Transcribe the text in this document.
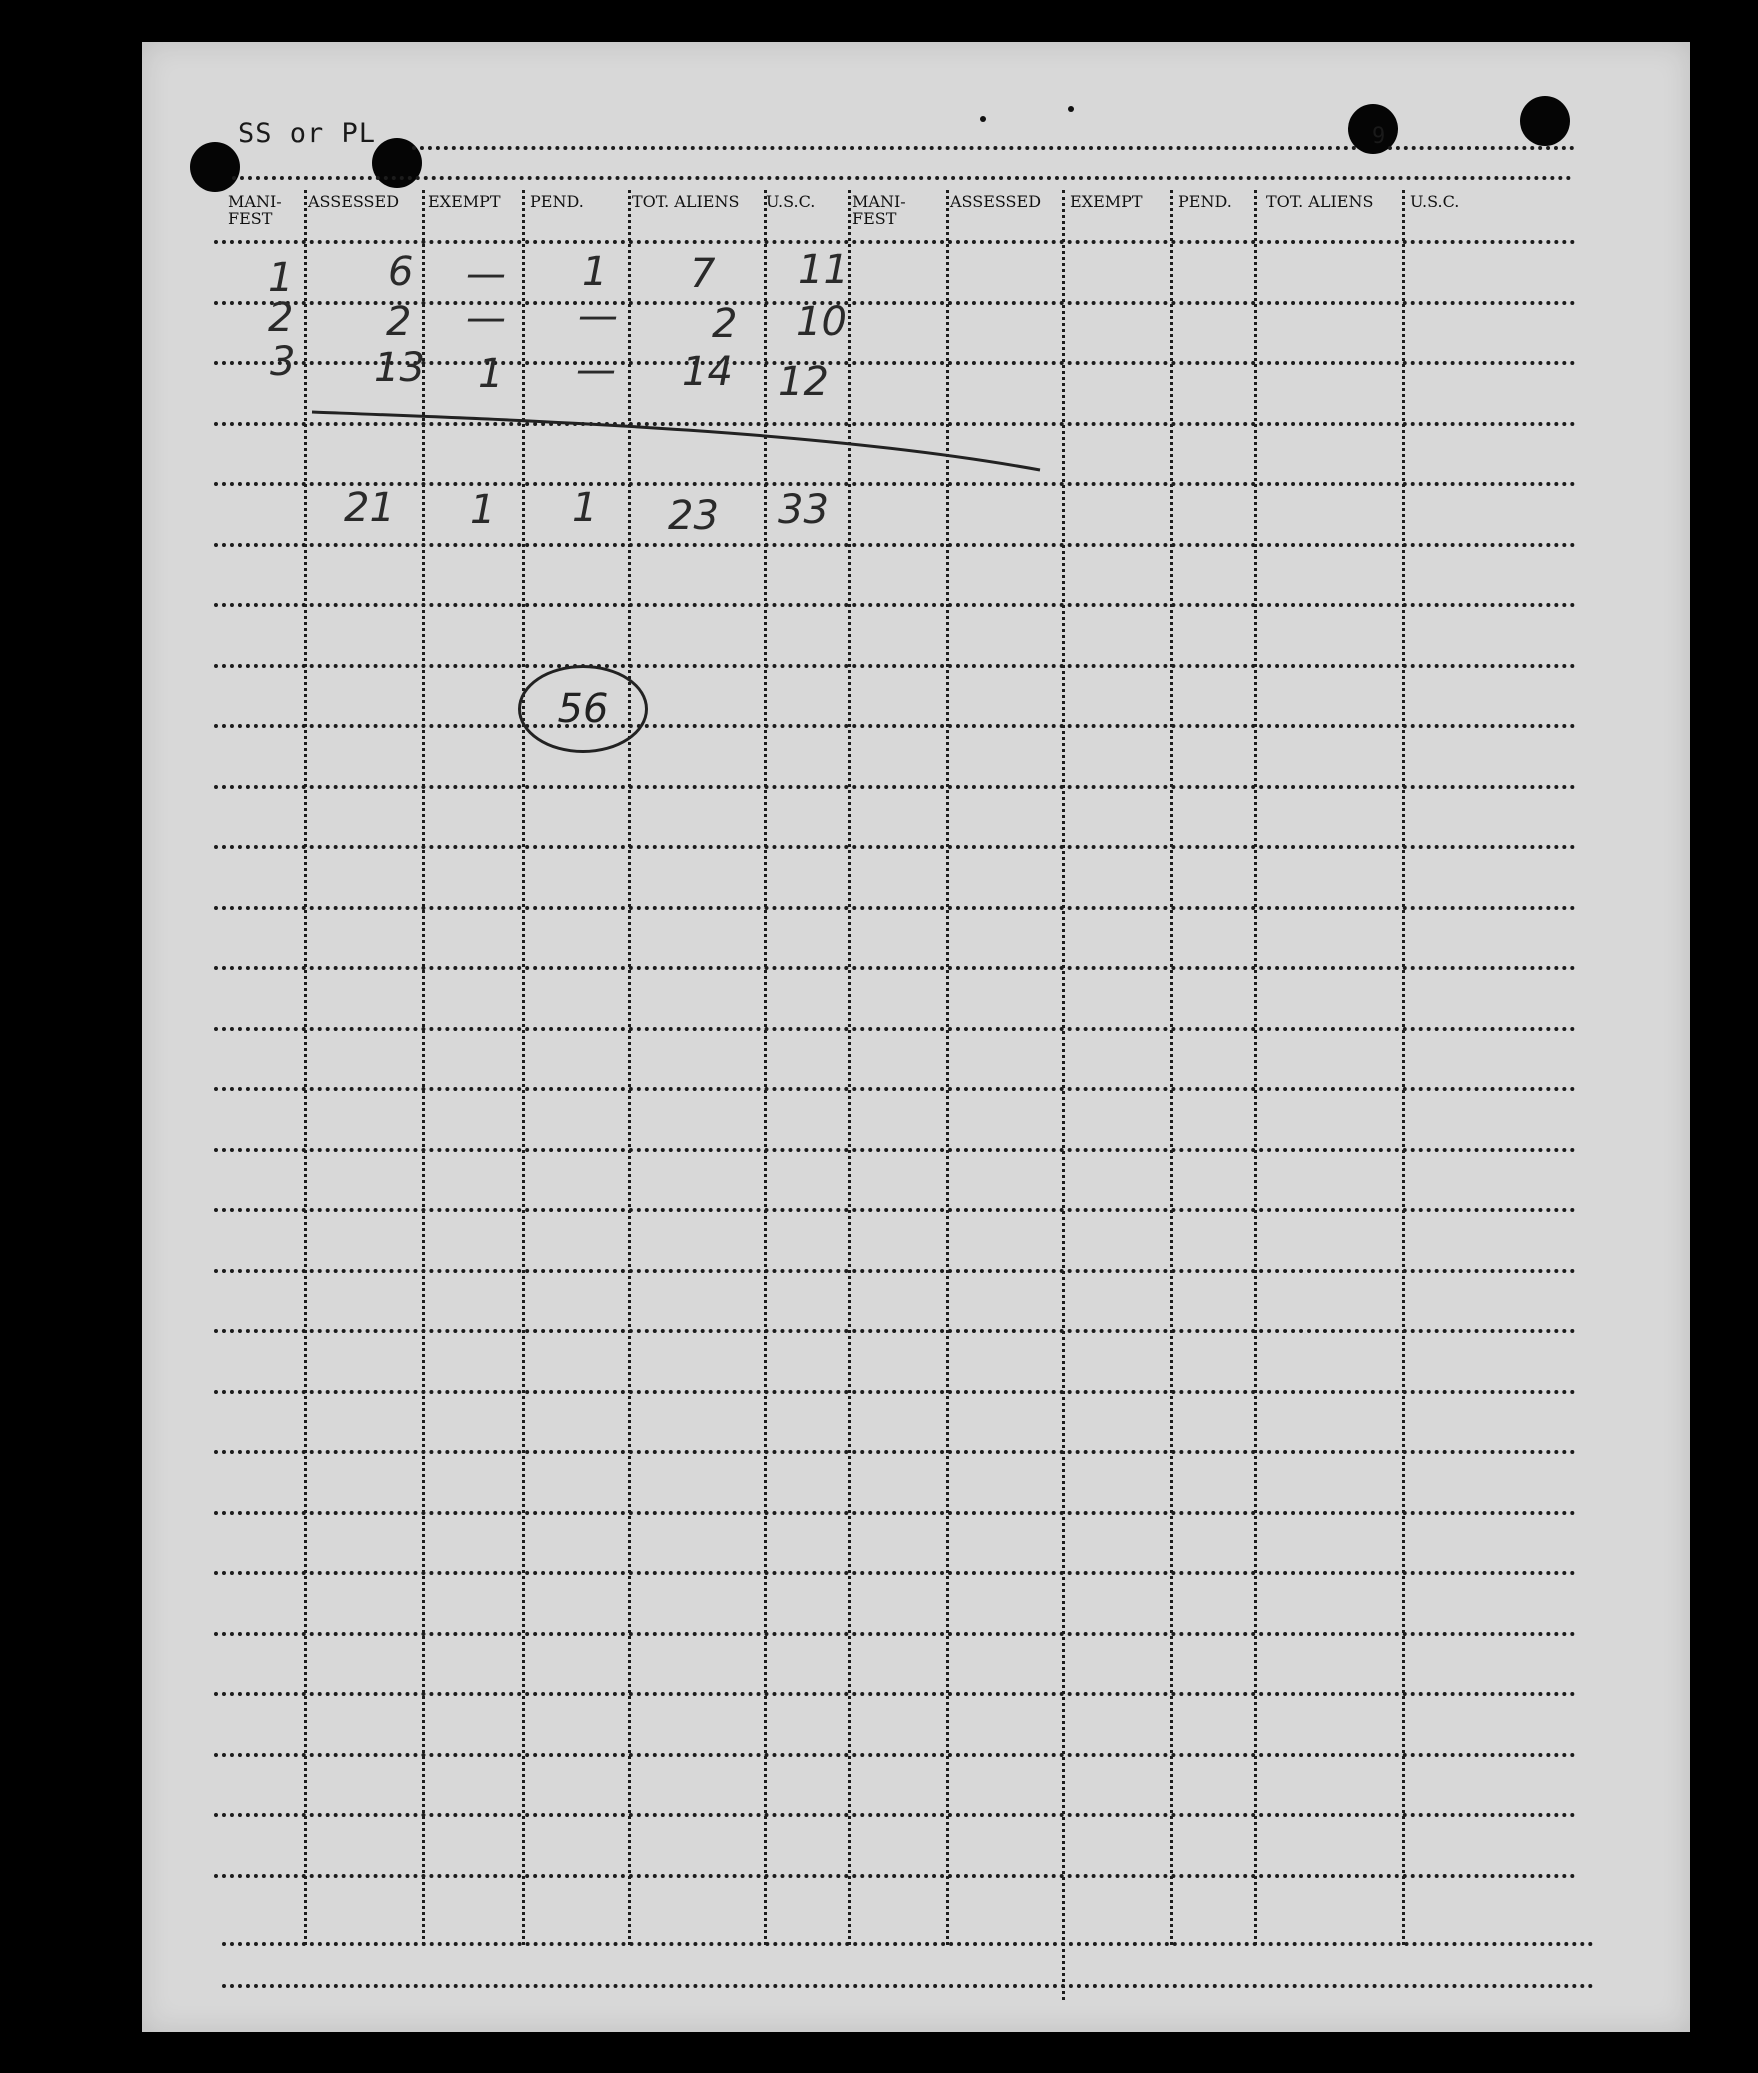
SS or PL	9
MANI-
FEST
ASSESSED EXEMPT PEND.	TOT. ALIENS U.S.C. MANI-
FEST
ASSESSED EXEMPT PEND. TOT. ALIENS U.S.C.
1 6 — 1 7 11
2 2 — — 2 10
3 13 1 — 14 12
21 1 1 23 33
56
